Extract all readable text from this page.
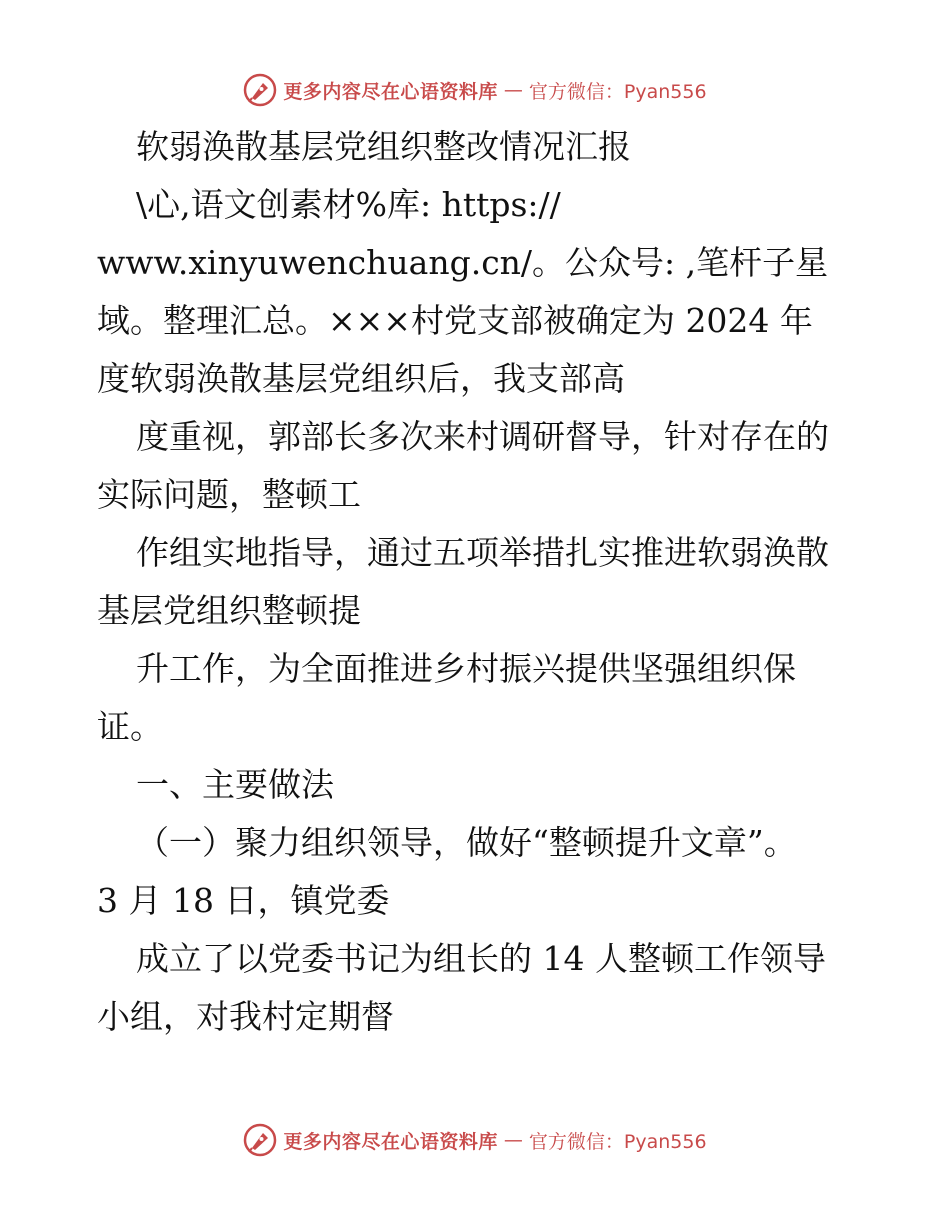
更多内容尽在心语资料库 — 官方微信：Pyan556
软弱涣散基层党组织整改情况汇报
\心,语文创素材%库: https://
www.xinyuwenchuang.cn/。公众号: ,笔杆子星
域。整理汇总。×××村党支部被确定为 2024 年
度软弱涣散基层党组织后，我支部高
度重视，郭部长多次来村调研督导，针对存在的
实际问题，整顿工
作组实地指导，通过五项举措扎实推进软弱涣散
基层党组织整顿提
升工作，为全面推进乡村振兴提供坚强组织保
证。
一、主要做法
（一）聚力组织领导，做好“整顿提升文章”。
3 月 18 日，镇党委
成立了以党委书记为组长的 14 人整顿工作领导
小组，对我村定期督
更多内容尽在心语资料库 — 官方微信：Pyan556
